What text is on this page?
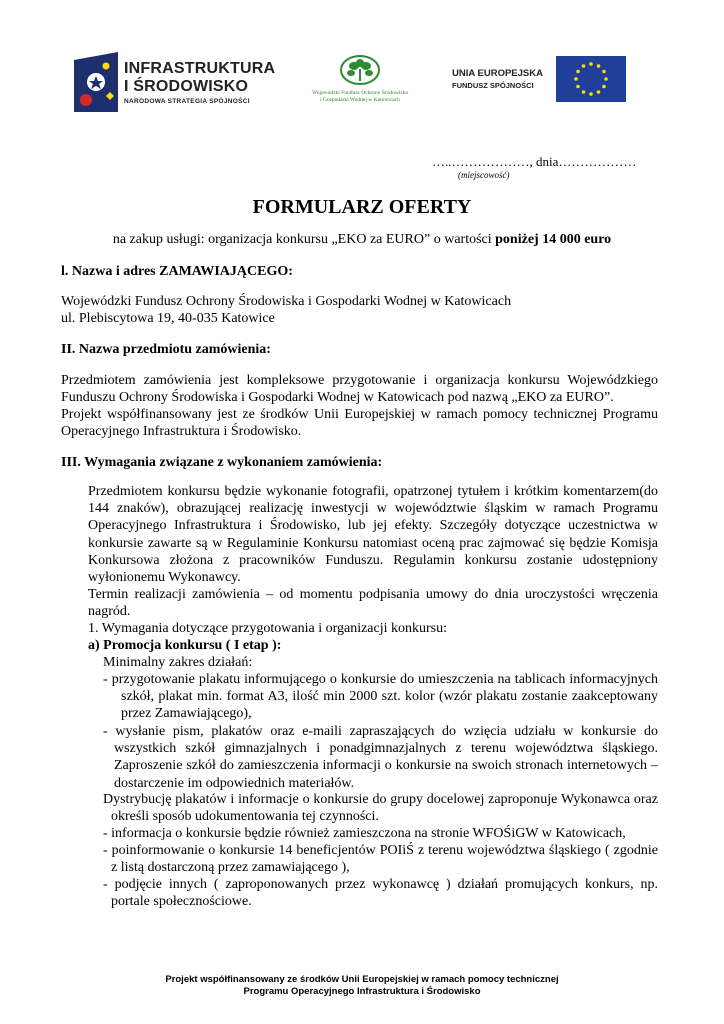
INFRASTRUKTURA
I ŚRODOWISKO
NARODOWA STRATEGIA SPÓJNOŚCI
Wojewódzki Fundusz Ochrony Środowiska
i Gospodarki Wodnej w Katowicach
UNIA EUROPEJSKA
FUNDUSZ SPÓJNOŚCI
…..………………, dnia………………
(miejscowość)
FORMULARZ OFERTY
na zakup usługi: organizacja konkursu „EKO za EURO” o wartości poniżej 14 000 euro
l. Nazwa i adres ZAMAWIAJĄCEGO:
Wojewódzki Fundusz Ochrony Środowiska i Gospodarki Wodnej w Katowicach
ul. Plebiscytowa 19, 40-035 Katowice
II. Nazwa przedmiotu zamówienia:
Przedmiotem zamówienia jest kompleksowe przygotowanie i organizacja konkursu Wojewódzkiego Funduszu Ochrony Środowiska i Gospodarki Wodnej w Katowicach pod nazwą „EKO za EURO”.
Projekt współfinansowany jest ze środków Unii Europejskiej w ramach pomocy technicznej Programu Operacyjnego Infrastruktura i Środowisko.
III. Wymagania związane z wykonaniem zamówienia:
Przedmiotem konkursu będzie wykonanie fotografii, opatrzonej tytułem i krótkim komentarzem(do 144 znaków), obrazującej realizację inwestycji w województwie śląskim w ramach Programu Operacyjnego Infrastruktura i Środowisko, lub jej efekty. Szczegóły dotyczące uczestnictwa w konkursie zawarte są w Regulaminie Konkursu natomiast oceną prac zajmować się będzie Komisja Konkursowa złożona z pracowników Funduszu. Regulamin konkursu zostanie udostępniony wyłonionemu Wykonawcy.
Termin realizacji zamówienia – od momentu podpisania umowy do dnia uroczystości wręczenia nagród.
1. Wymagania dotyczące przygotowania i organizacji konkursu:
a) Promocja konkursu ( I etap ):
Minimalny zakres działań:
- przygotowanie plakatu informującego o konkursie do umieszczenia na tablicach informacyjnych szkół, plakat min. format A3, ilość min 2000 szt. kolor (wzór plakatu zostanie zaakceptowany przez Zamawiającego),
- wysłanie pism, plakatów oraz e-maili zapraszających do wzięcia udziału w konkursie do wszystkich szkół gimnazjalnych i ponadgimnazjalnych z terenu województwa śląskiego. Zaproszenie szkół do zamieszczenia informacji o konkursie na swoich stronach internetowych – dostarczenie im odpowiednich materiałów.
Dystrybucję plakatów i informacje o konkursie do grupy docelowej zaproponuje Wykonawca oraz określi sposób udokumentowania tej czynności.
- informacja o konkursie będzie również zamieszczona na stronie WFOŚiGW w Katowicach,
- poinformowanie o konkursie 14 beneficjentów POIiŚ z terenu województwa śląskiego ( zgodnie z listą dostarczoną przez zamawiającego ),
- podjęcie innych ( zaproponowanych przez wykonawcę ) działań promujących konkurs, np. portale społecznościowe.
Projekt współfinansowany ze środków Unii Europejskiej w ramach pomocy technicznej
Programu Operacyjnego Infrastruktura i Środowisko
